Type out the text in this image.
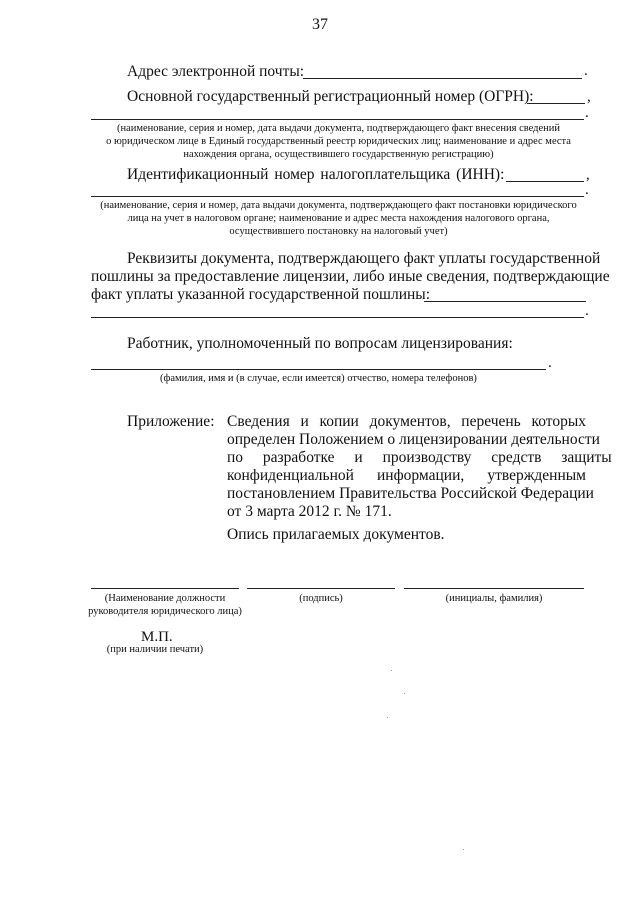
37
Адрес электронной почты:	.
Основной государственный регистрационный номер (ОГРН):	,
.
(наименование, серия и номер, дата выдачи документа, подтверждающего факт внесения сведений
о юридическом лице в Единый государственный реестр юридических лиц; наименование и адрес места
нахождения органа, осуществившего государственную регистрацию)
Идентификационный номер налогоплательщика (ИНН):	,
.
(наименование, серия и номер, дата выдачи документа, подтверждающего факт постановки юридического
лица на учет в налоговом органе; наименование и адрес места нахождения налогового органа,
осуществившего постановку на налоговый учет)
Реквизиты документа, подтверждающего факт уплаты государственной
пошлины за предоставление лицензии, либо иные сведения, подтверждающие
факт уплаты указанной государственной пошлины:
.
Работник, уполномоченный по вопросам лицензирования:
.
(фамилия, имя и (в случае, если имеется) отчество, номера телефонов)
Приложение: Сведения и копии документов, перечень которых
определен Положением о лицензировании деятельности
по разработке и производству средств защиты
конфиденциальной информации, утвержденным
постановлением Правительства Российской Федерации
от 3 марта 2012 г. № 171.
Опись прилагаемых документов.
(Наименование должности
руководителя юридического лица)
(подпись)	(инициалы, фамилия)
М.П.
(при наличии печати)
